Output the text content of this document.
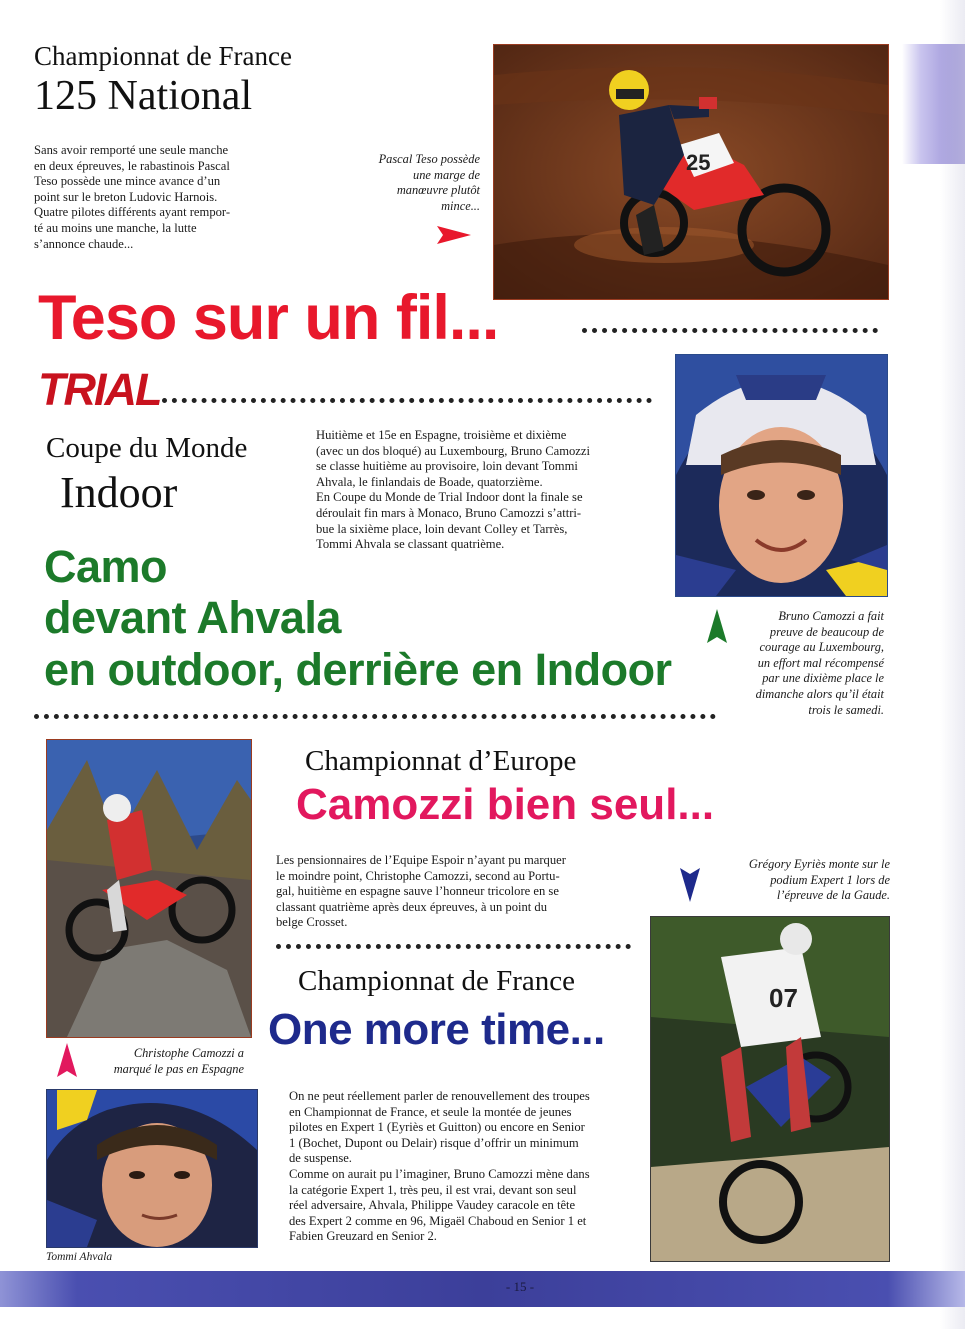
Championnat de France
125 National
Sans avoir remporté une seule manche
en deux épreuves, le rabastinois Pascal
Teso possède une mince avance d’un
point sur le breton Ludovic Harnois.
Quatre pilotes différents ayant rempor-
té au moins une manche, la lutte
s’annonce chaude...
Pascal Teso possède
une marge de
manœuvre plutôt
mince...
25
Teso sur un fil...
TRIAL
Coupe du Monde
Indoor
Huitième et 15e en Espagne, troisième et dixième
(avec un dos bloqué) au Luxembourg, Bruno Camozzi
se classe huitième au provisoire, loin devant Tommi
Ahvala, le finlandais de Boade, quatorzième.
En Coupe du Monde de Trial Indoor dont la finale se
déroulait fin mars à Monaco, Bruno Camozzi s’attri-
bue la sixième place, loin devant Colley et Tarrès,
Tommi Ahvala se classant quatrième.
Camo
devant Ahvala
en outdoor, derrière en Indoor
Bruno Camozzi a fait
preuve de beaucoup de
courage au Luxembourg,
un effort mal récompensé
par une dixième place le
dimanche alors qu’il était
trois le samedi.
Championnat d’Europe
Camozzi bien seul...
Les pensionnaires de l’Equipe Espoir n’ayant pu marquer
le moindre point, Christophe Camozzi, second au Portu-
gal, huitième en espagne sauve l’honneur tricolore en se
classant quatrième après deux épreuves, à un point du
belge Crosset.
Grégory Eyriès monte sur le
podium Expert 1 lors de
l’épreuve de la Gaude.
Championnat de France
One more time...
07
Christophe Camozzi a
marqué le pas en Espagne
On ne peut réellement parler de renouvellement des troupes
en Championnat de France, et seule la montée de jeunes
pilotes en Expert 1 (Eyriès et Guitton) ou encore en Senior
1 (Bochet, Dupont ou Delair) risque d’offrir un minimum
de suspense.
Comme on aurait pu l’imaginer, Bruno Camozzi mène dans
la catégorie Expert 1, très peu, il est vrai, devant son seul
réel adversaire, Ahvala, Philippe Vaudey caracole en tête
des Expert 2 comme en 96, Migaël Chaboud en Senior 1 et
Fabien Greuzard en Senior 2.
Tommi Ahvala
- 15 -
